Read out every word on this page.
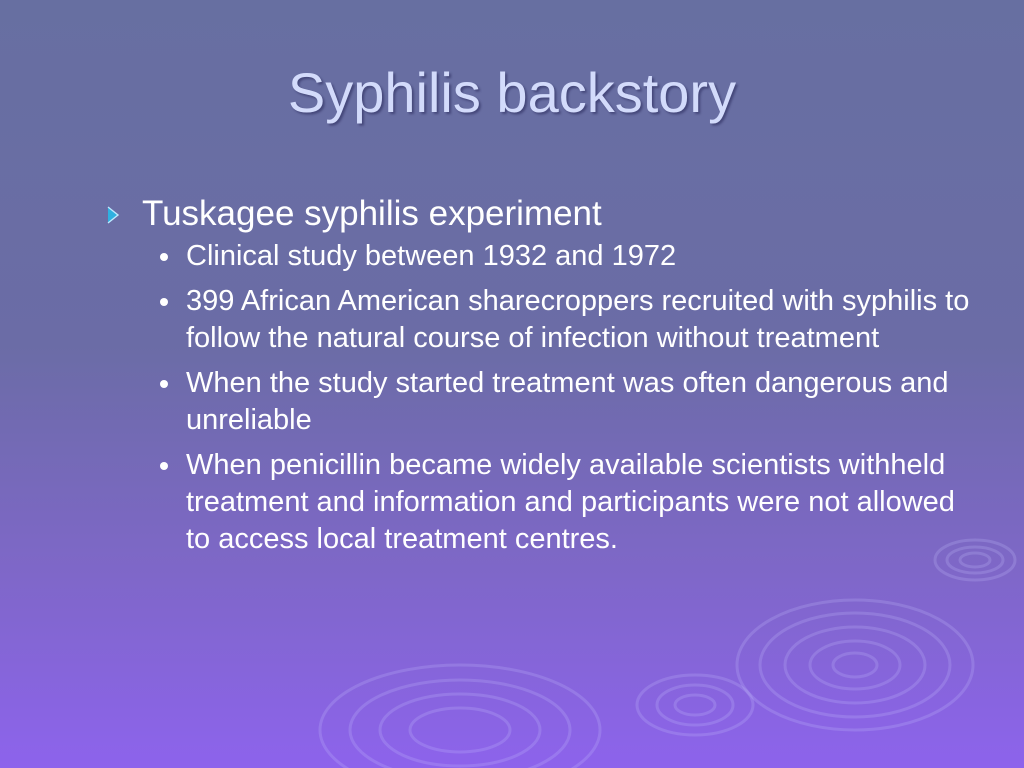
Syphilis backstory
Tuskagee syphilis experiment
Clinical study between 1932 and 1972
399 African American sharecroppers recruited with syphilis to follow the natural course of infection without treatment
When the study started treatment was often dangerous and unreliable
When penicillin became widely available scientists withheld treatment and information and participants were not allowed to access local treatment centres.
